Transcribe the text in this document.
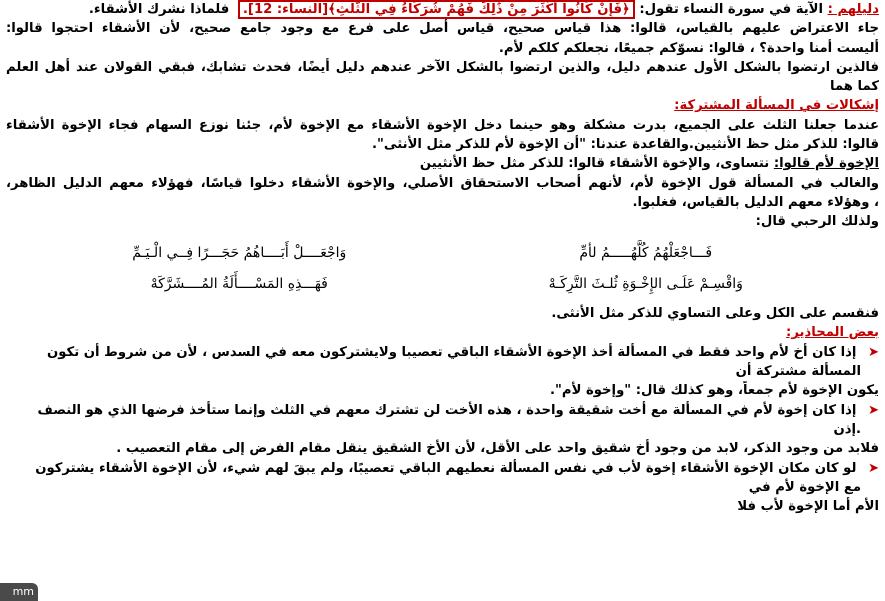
دليلهم : الآية في سورة النساء تقول: ﴿فَإِنْ كَانُوا أَكْثَرَ مِنْ ذَٰلِكَ فَهُمْ شُرَكَاءُ فِي الثُّلُثِ﴾[النساء: 12]. فلماذا نشرك الأشقاء.
جاء الاعتراض عليهم بالقياس، قالوا: هذا قياس صحيح، قياس أصل على فرع مع وجود جامع صحيح، لأن الأشقاء احتجوا قالوا:
أليست أمنا واحدة؟ ، قالوا: نسوّكم جميعًا، نجعلكم كلكم لأم.
فالذين ارتضوا بالشكل الأول عندهم دليل، والذين ارتضوا بالشكل الآخر عندهم دليل أيضًا، فحدث تشابك، فبقي القولان عند أهل العلم
كما هما
إشكالات في المسألة المشتركة:
عندما جعلنا الثلث على الجميع، بدرت مشكلة وهو حينما دخل الإخوة الأشقاء مع الإخوة لأم، جئنا نوزع السهام فجاء الإخوة الأشقاء
قالوا: للذكر مثل حظ الأنثيين.والقاعدة عندنا: "أن الإخوة لأم للذكر مثل الأنثى".
الإخوة لأم قالوا: نتساوى، والإخوة الأشقاء قالوا: للذكر مثل حظ الأنثيين
والغالب في المسألة قول الإخوة لأم، لأنهم أصحاب الاستحقاق الأصلي، والإخوة الأشقاء دخلوا قياسًا، فهؤلاء معهم الدليل الظاهر،
، وهؤلاء معهم الدليل بالقياس، فغلبوا.
ولذلك الرحبي قال:
فَـــاجْعَلْهُمُ كُلَّهُـــــمُ لأمِّ
وَاجْعَــــلْ أَبَــــاهُمُ حَجَـــرًا فِــي الْـيَـمِّ
وَاقْسِـمْ عَلَـى الإِخْـوَةِ ثُلـثَ التَّرِكَـهْ
فَهَـــذِهِ المَسْــــأَلَةُ المُــــشَرَّكَهْ
فنقسم على الكل وعلى التساوي للذكر مثل الأنثى.
بعض المحاذير:
➤ إذا كان أخ لأم واحد فقط في المسألة أخذ الإخوة الأشقاء الباقي تعصيبا ولايشتركون معه في السدس ، لأن من شروط أن تكون
المسألة مشتركة أن
يكون الإخوة لأم جمعاً، وهو كذلك قال: "وإخوة لأم".
➤ إذا كان إخوة لأم في المسألة مع أخت شقيقة واحدة ، هذه الأخت لن تشترك معهم في الثلث وإنما ستأخذ فرضها الذي هو النصف
.إذن
فلابد من وجود الذكر، لابد من وجود أخ شقيق واحد على الأقل، لأن الأخ الشقيق ينقل مقام الفرض إلى مقام التعصيب .
➤ لو كان مكان الإخوة الأشقاء إخوة لأب في نفس المسألة نعطيهم الباقي تعصيبًا، ولم يبقَ لهم شيء، لأن الإخوة الأشقاء يشتركون
مع الإخوة لأم في
الأم أما الإخوة لأب فلا
mm
